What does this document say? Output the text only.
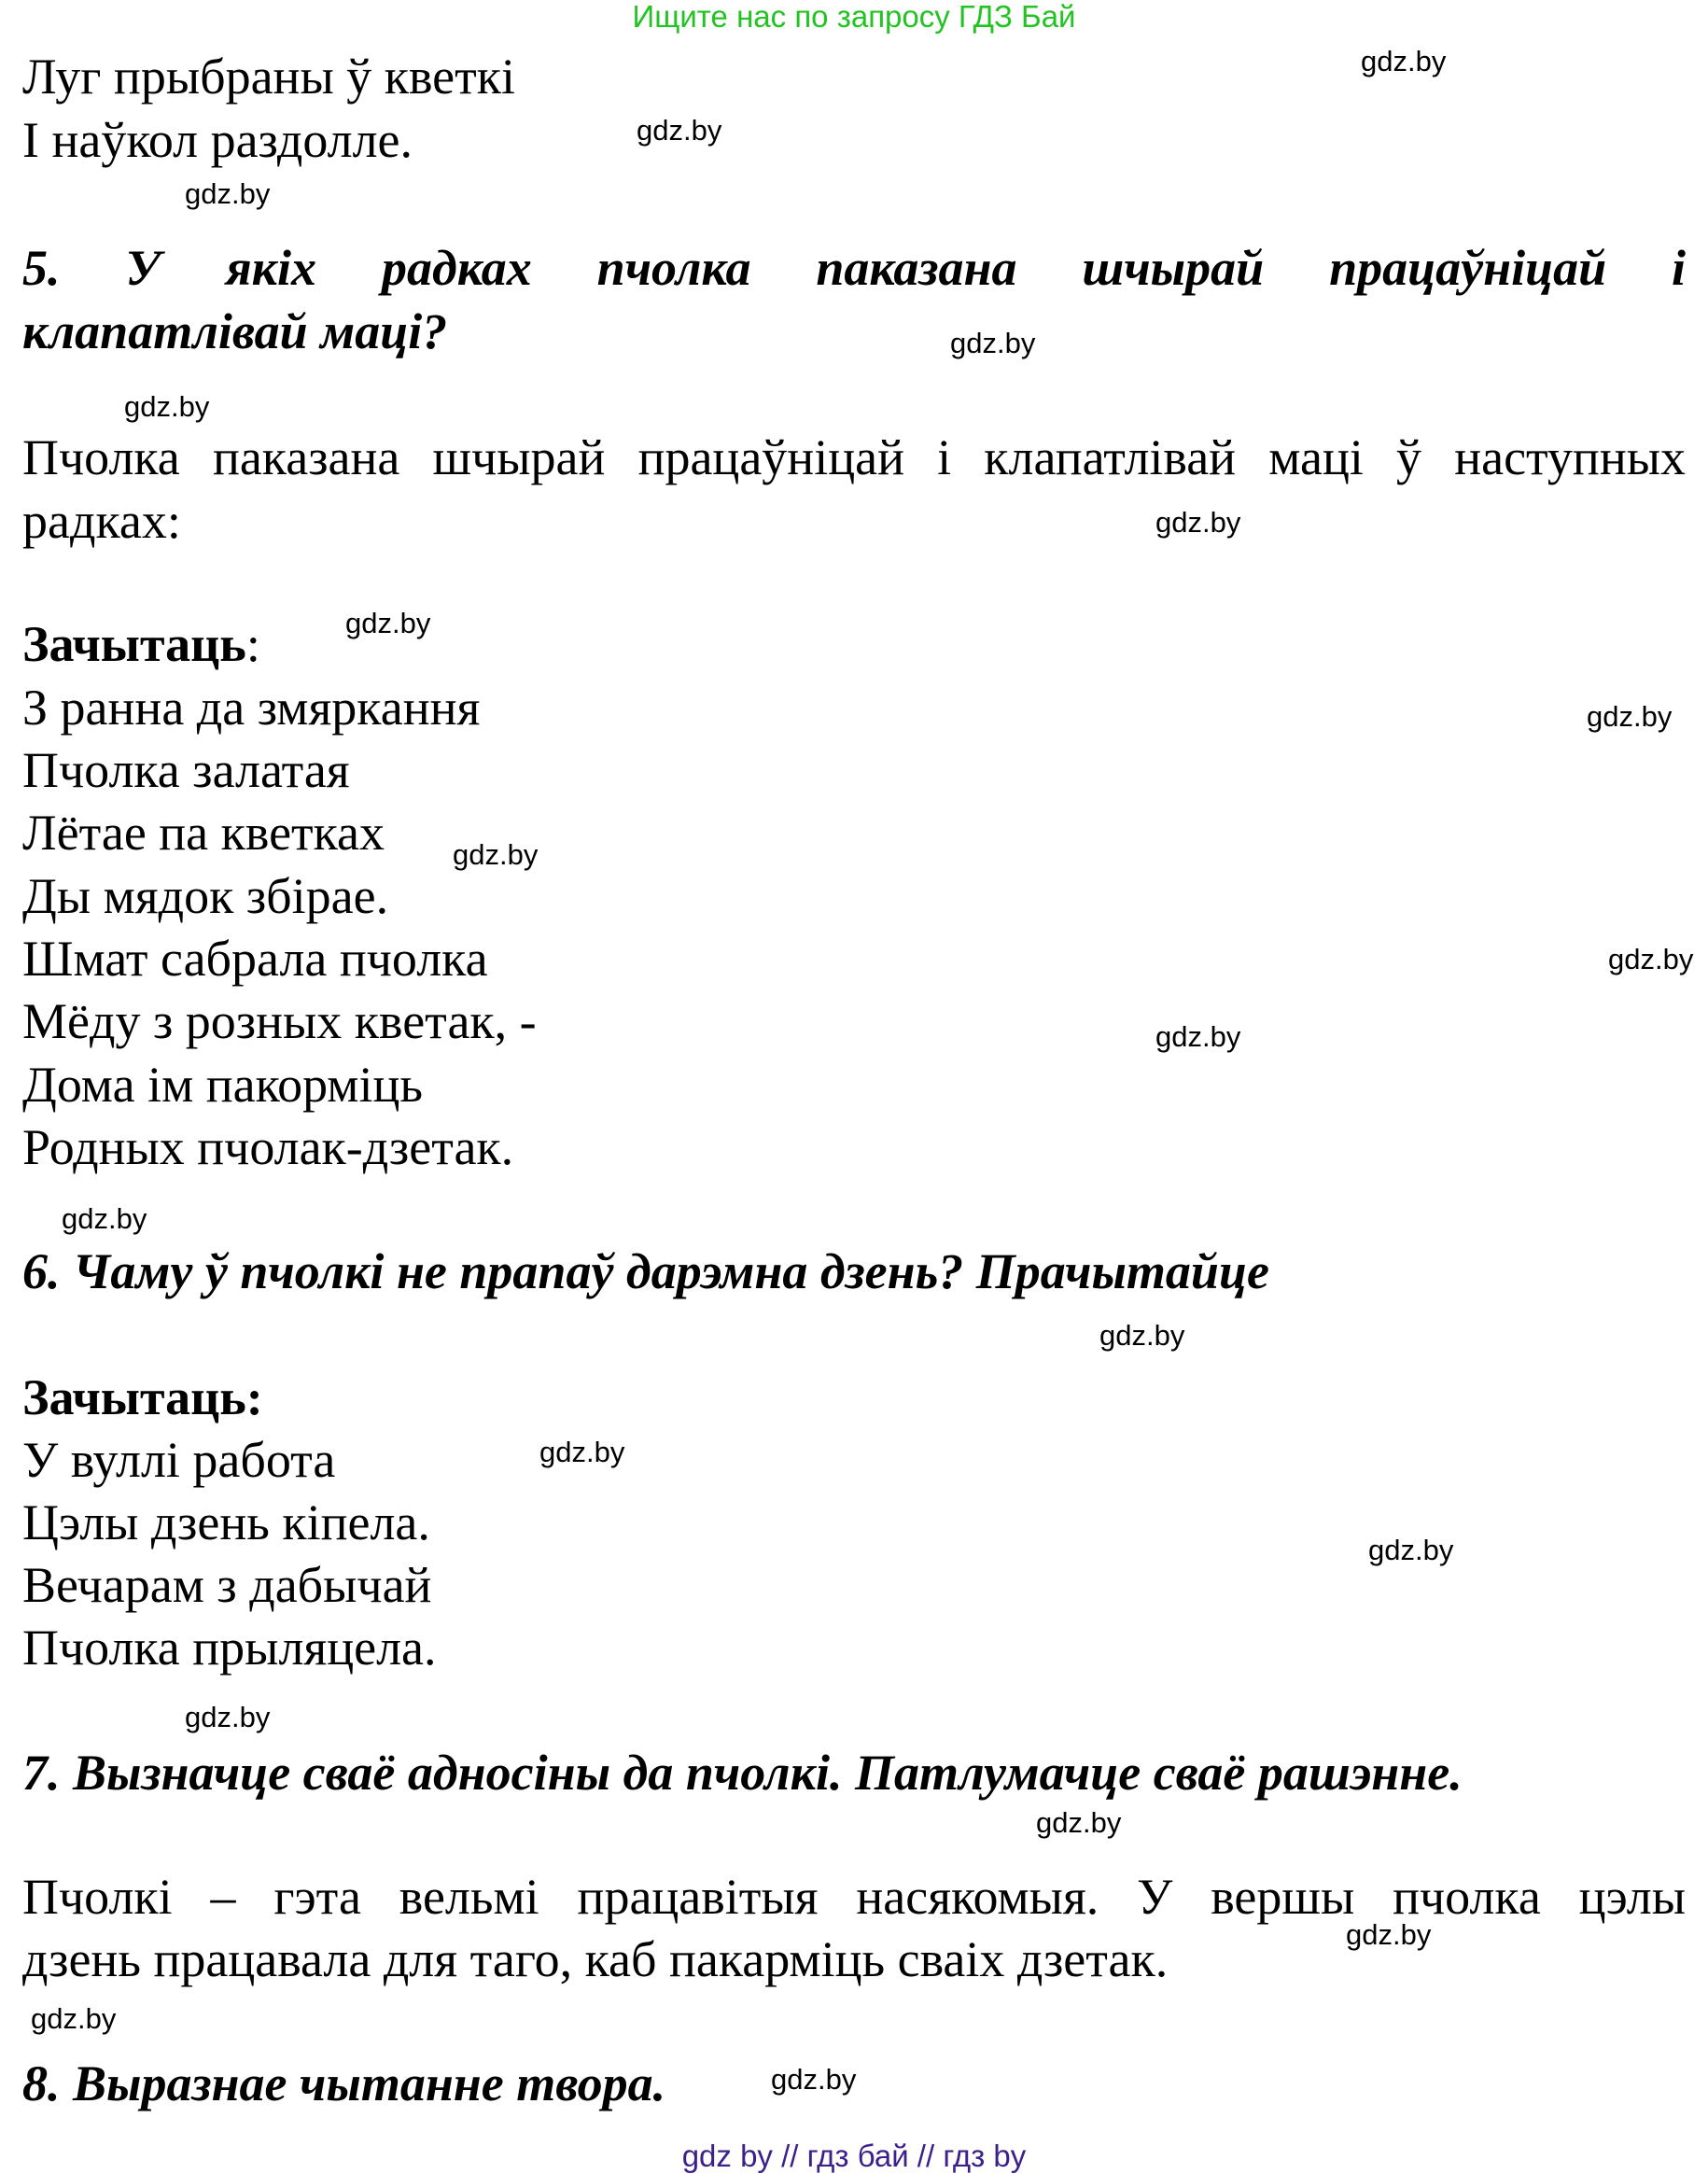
Ищите нас по запросу ГДЗ Бай
Луг прыбраны ў кветкі
І наўкол раздолле.
5. У якіх радках пчолка паказана шчырай працаўніцай і
клапатлівай маці?
Пчолка паказана шчырай працаўніцай і клапатлівай маці ў наступных
радках:
Зачытаць:
З ранна да змяркання
Пчолка залатая
Лётае па кветках
Ды мядок збірае.
Шмат сабрала пчолка
Мёду з розных кветак, -
Дома ім пакорміць
Родных пчолак-дзетак.
6. Чаму ў пчолкі не прапаў дарэмна дзень? Прачытайце
Зачытаць:
У вуллі работа
Цэлы дзень кіпела.
Вечарам з дабычай
Пчолка прыляцела.
7. Вызначце сваё адносіны да пчолкі. Патлумачце сваё рашэнне.
Пчолкі – гэта вельмі працавітыя насякомыя. У вершы пчолка цэлы
дзень працавала для таго, каб пакарміць сваіх дзетак.
8. Выразнае чытанне твора.
gdz.by
gdz.by
gdz.by
gdz.by
gdz.by
gdz.by
gdz.by
gdz.by
gdz.by
gdz.by
gdz.by
gdz.by
gdz.by
gdz.by
gdz.by
gdz.by
gdz.by
gdz.by
gdz.by
gdz.by
gdz by // гдз бай // гдз by
